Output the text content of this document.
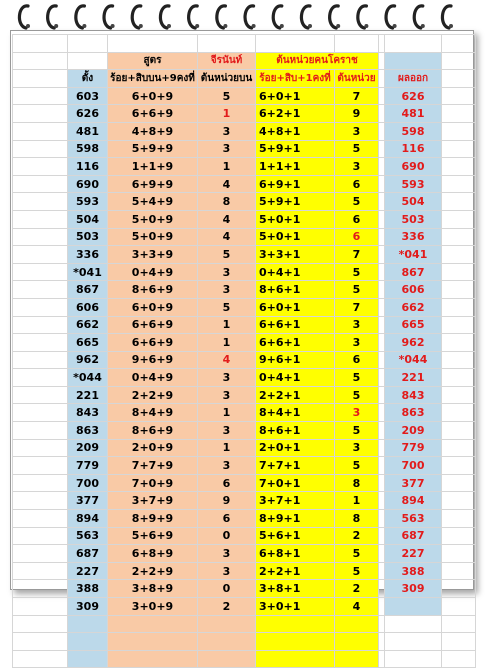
		สูตร	จีรนันท์	ต้นหน่วยคนโคราช				
	ตั้ง	ร้อย+สิบบน+9คงที่	ต้นหน่วยบน	ร้อย+สิบ+1คงที่	ต้นหน่วย		ผลออก	
	603	6+0+9	5	6+0+1	7		626	
	626	6+6+9	1	6+2+1	9		481	
	481	4+8+9	3	4+8+1	3		598	
	598	5+9+9	3	5+9+1	5		116	
	116	1+1+9	1	1+1+1	3		690	
	690	6+9+9	4	6+9+1	6		593	
	593	5+4+9	8	5+9+1	5		504	
	504	5+0+9	4	5+0+1	6		503	
	503	5+0+9	4	5+0+1	6		336	
	336	3+3+9	5	3+3+1	7		*041	
	*041	0+4+9	3	0+4+1	5		867	
	867	8+6+9	3	8+6+1	5		606	
	606	6+0+9	5	6+0+1	7		662	
	662	6+6+9	1	6+6+1	3		665	
	665	6+6+9	1	6+6+1	3		962	
	962	9+6+9	4	9+6+1	6		*044	
	*044	0+4+9	3	0+4+1	5		221	
	221	2+2+9	3	2+2+1	5		843	
	843	8+4+9	1	8+4+1	3		863	
	863	8+6+9	3	8+6+1	5		209	
	209	2+0+9	1	2+0+1	3		779	
	779	7+7+9	3	7+7+1	5		700	
	700	7+0+9	6	7+0+1	8		377	
	377	3+7+9	9	3+7+1	1		894	
	894	8+9+9	6	8+9+1	8		563	
	563	5+6+9	0	5+6+1	2		687	
	687	6+8+9	3	6+8+1	5		227	
	227	2+2+9	3	2+2+1	5		388	
	388	3+8+9	0	3+8+1	2		309	
	309	3+0+9	2	3+0+1	4			
